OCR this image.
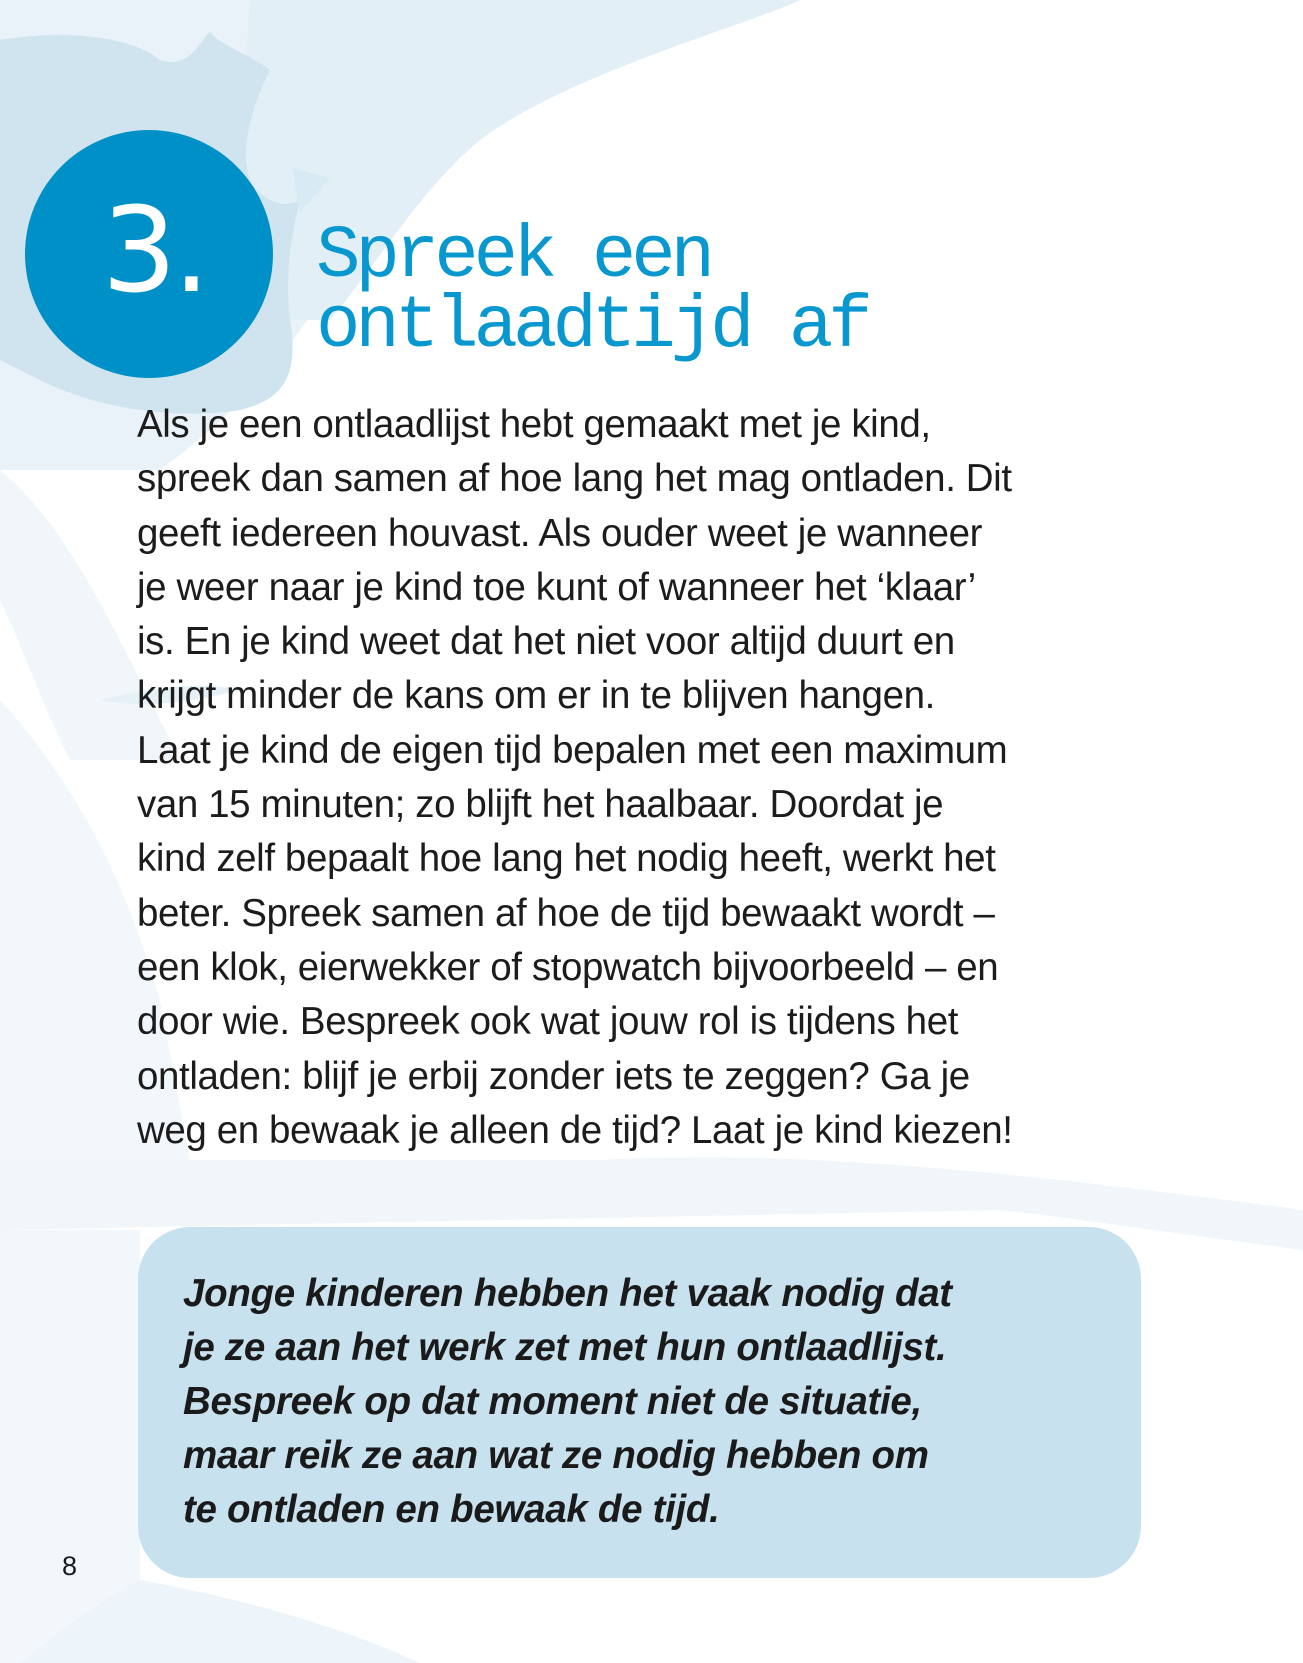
3. Spreek een
ontlaadtijd af
Als je een ontlaadlijst hebt gemaakt met je kind,
spreek dan samen af hoe lang het mag ontladen. Dit
geeft iedereen houvast. Als ouder weet je wanneer
je weer naar je kind toe kunt of wanneer het ‘klaar’
is. En je kind weet dat het niet voor altijd duurt en
krijgt minder de kans om er in te blijven hangen.
Laat je kind de eigen tijd bepalen met een maximum
van 15 minuten; zo blijft het haalbaar. Doordat je
kind zelf bepaalt hoe lang het nodig heeft, werkt het
beter. Spreek samen af hoe de tijd bewaakt wordt –
een klok, eierwekker of stopwatch bijvoorbeeld – en
door wie. Bespreek ook wat jouw rol is tijdens het
ontladen: blijf je erbij zonder iets te zeggen? Ga je
weg en bewaak je alleen de tijd? Laat je kind kiezen!
Jonge kinderen hebben het vaak nodig dat
je ze aan het werk zet met hun ontlaadlijst.
Bespreek op dat moment niet de situatie,
maar reik ze aan wat ze nodig hebben om
te ontladen en bewaak de tijd.
8
